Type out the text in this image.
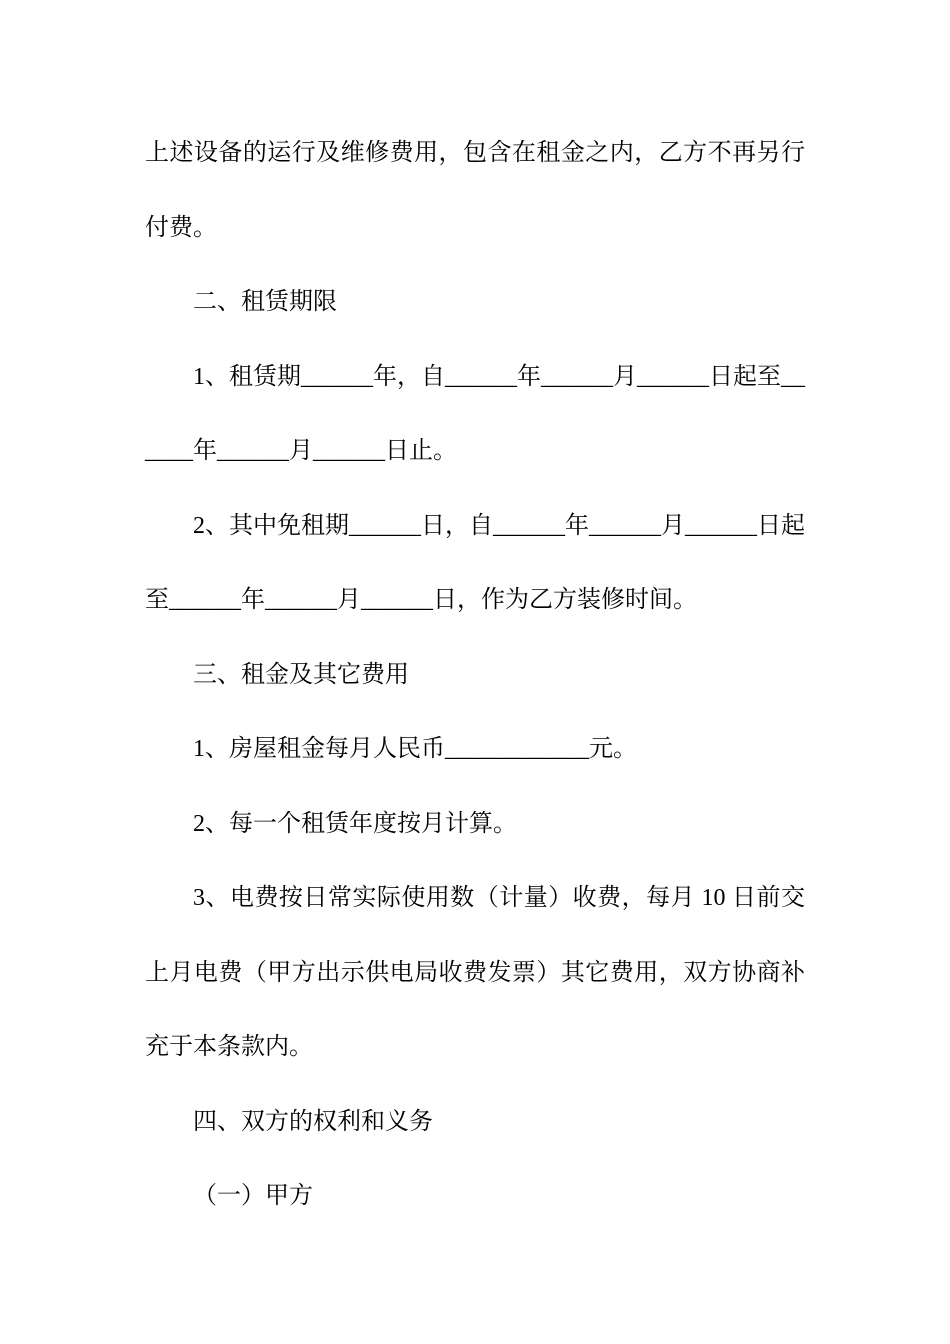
上述设备的运行及维修费用，包含在租金之内，乙方不再另行
付费。
二、租赁期限
1、租赁期______年，自______年______月______日起至__
____年______月______日止。
2、其中免租期______日，自______年______月______日起
至______年______月______日，作为乙方装修时间。
三、租金及其它费用
1、房屋租金每月人民币____________元。
2、每一个租赁年度按月计算。
3、电费按日常实际使用数（计量）收费，每月 10 日前交
上月电费（甲方出示供电局收费发票）其它费用，双方协商补
充于本条款内。
四、双方的权利和义务
（一）甲方
